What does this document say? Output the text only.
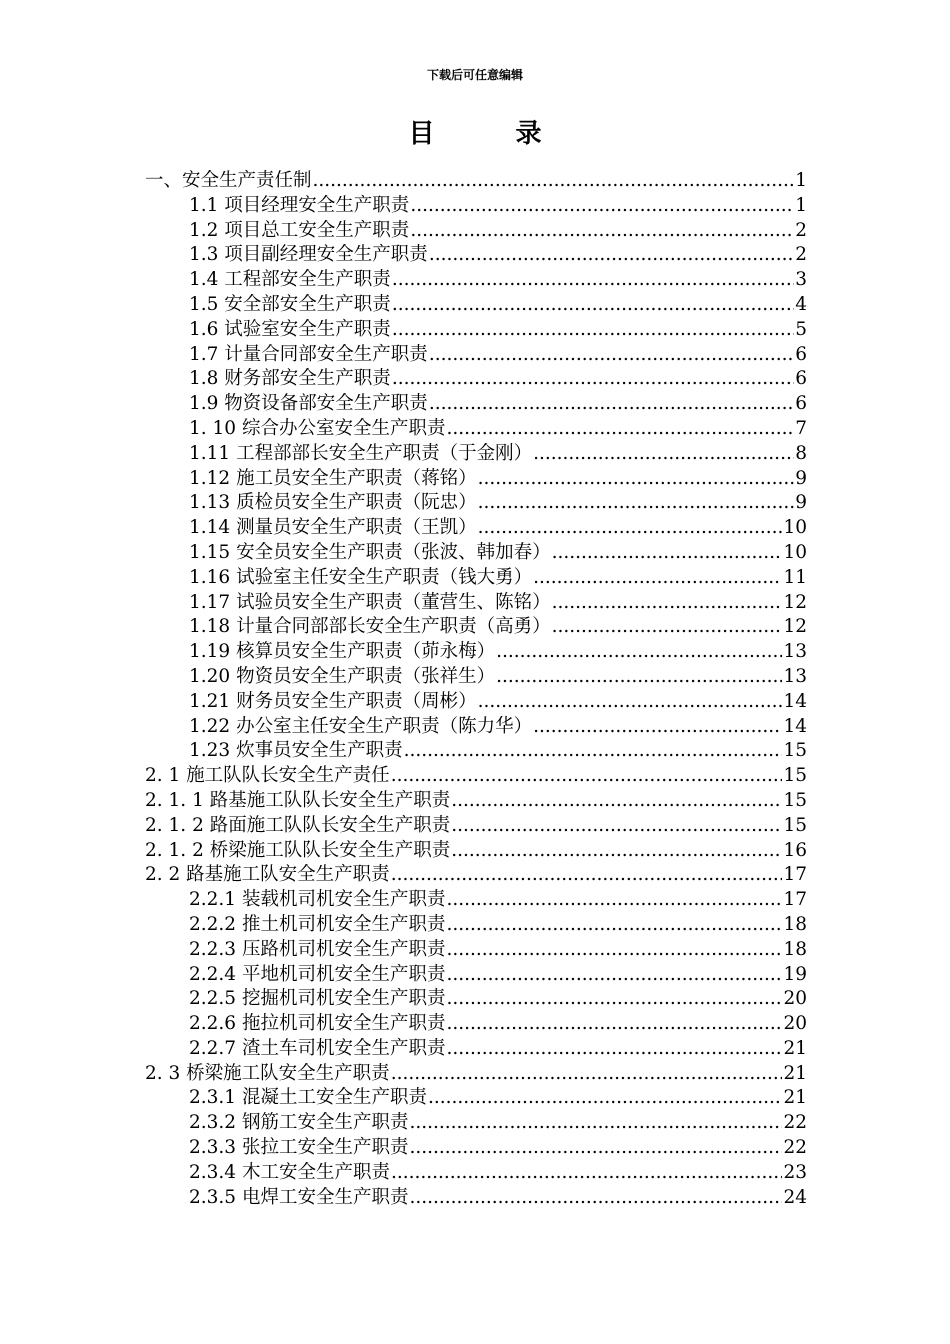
下载后可任意编辑
目 录
一、安全生产责任制 .....	1
1.1 项目经理安全生产职责 .....	1
1.2 项目总工安全生产职责 .....	2
1.3 项目副经理安全生产职责 .....	2
1.4 工程部安全生产职责 .....	3
1.5 安全部安全生产职责 .....	4
1.6 试验室安全生产职责 .....	5
1.7 计量合同部安全生产职责 .....	6
1.8 财务部安全生产职责 .....	6
1.9 物资设备部安全生产职责 .....	6
1. 10 综合办公室安全生产职责 .....	7
1.11 工程部部长安全生产职责（于金刚） .....	8
1.12 施工员安全生产职责（蒋铭） .....	9
1.13 质检员安全生产职责（阮忠） .....	9
1.14 测量员安全生产职责（王凯） .....	10
1.15 安全员安全生产职责（张波、韩加春） .....	10
1.16 试验室主任安全生产职责（钱大勇） .....	11
1.17 试验员安全生产职责（董营生、陈铭） .....	12
1.18 计量合同部部长安全生产职责（高勇） .....	12
1.19 核算员安全生产职责（茆永梅） .....	13
1.20 物资员安全生产职责（张祥生） .....	13
1.21 财务员安全生产职责（周彬） .....	14
1.22 办公室主任安全生产职责（陈力华） .....	14
1.23 炊事员安全生产职责 .....	15
2. 1 施工队队长安全生产责任 .....	15
2. 1. 1 路基施工队队长安全生产职责 .....	15
2. 1. 2 路面施工队队长安全生产职责 .....	15
2. 1. 2 桥梁施工队队长安全生产职责 .....	16
2. 2 路基施工队安全生产职责 .....	17
2.2.1 装载机司机安全生产职责 .....	17
2.2.2 推土机司机安全生产职责 .....	18
2.2.3 压路机司机安全生产职责 .....	18
2.2.4 平地机司机安全生产职责 .....	19
2.2.5 挖掘机司机安全生产职责 .....	20
2.2.6 拖拉机司机安全生产职责 .....	20
2.2.7 渣土车司机安全生产职责 .....	21
2. 3 桥梁施工队安全生产职责 .....	21
2.3.1 混凝土工安全生产职责 .....	21
2.3.2 钢筋工安全生产职责 .....	22
2.3.3 张拉工安全生产职责 .....	22
2.3.4 木工安全生产职责 .....	23
2.3.5 电焊工安全生产职责 .....	24
